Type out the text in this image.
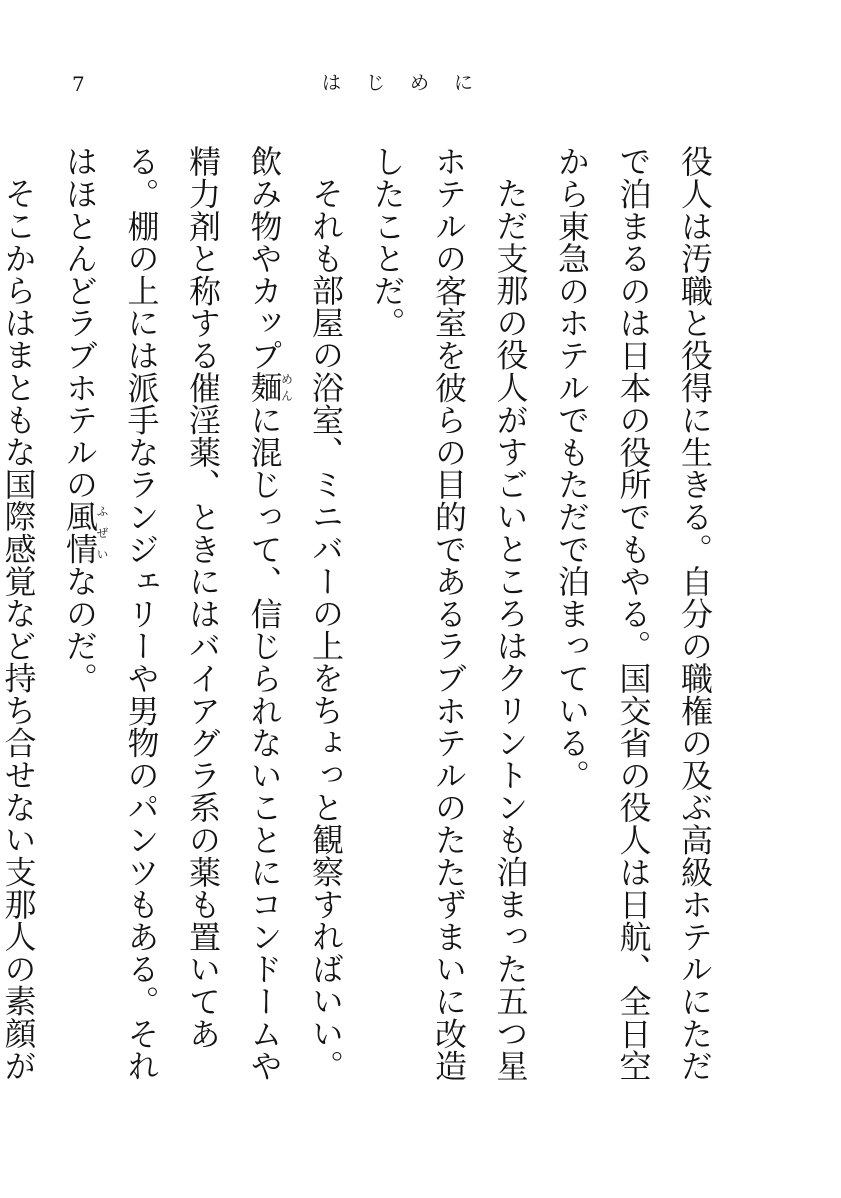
7	はじめに

役人は汚職と役得に生きる。自分の職権の及ぶ高級ホテルにただで泊まるのは日本の役所でもやる。国交省の役人は日航、全日空から東急のホテルでもただで泊まっている。

ただ支那の役人がすごいところはクリントンも泊まった五つ星ホテルの客室を彼らの目的であるラブホテルのたたずまいに改造したことだ。

それも部屋の浴室、ミニバーの上をちょっと観察すればいい。飲み物やカップ麺めんに混じって、信じられないことにコンドームや精力剤と称する催淫薬、ときにはバイアグラ系の薬も置いてある。棚の上には派手なランジェリーや男物のパンツもある。それはほとんどラブホテルの風情ふぜいなのだ。

そこからはまともな国際感覚など持ち合せない支那人の素顔が
